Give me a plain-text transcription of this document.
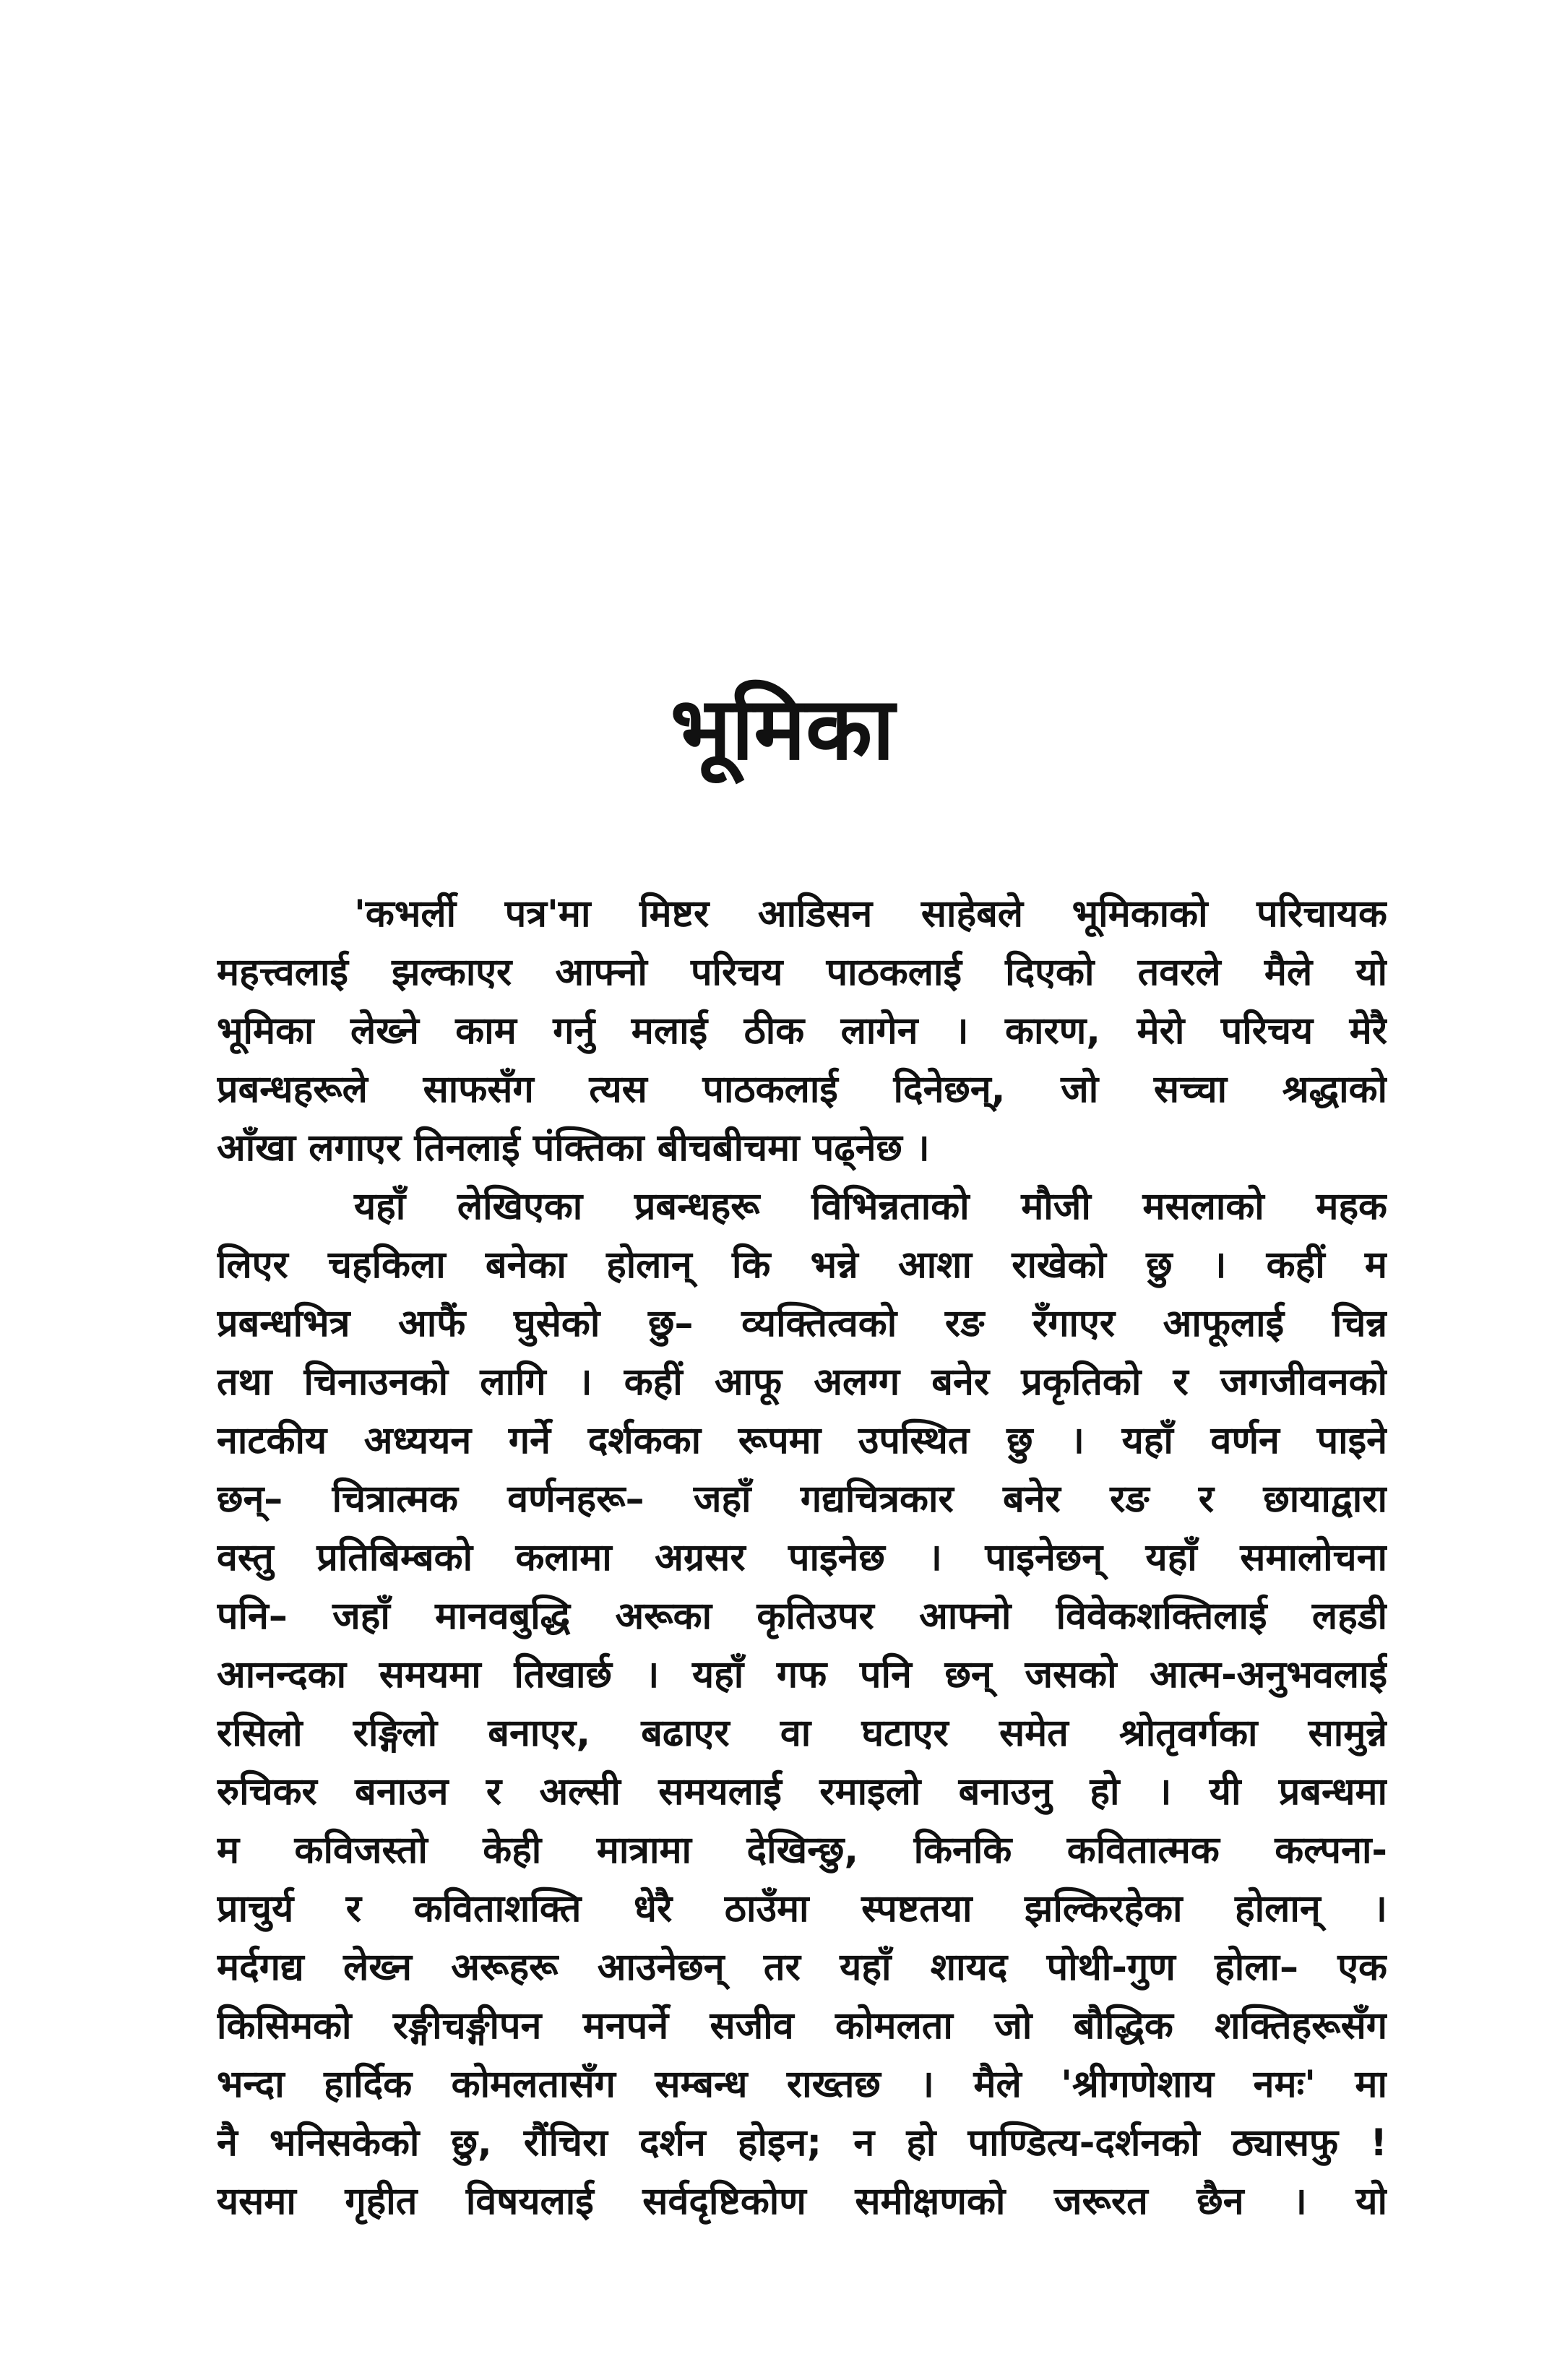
भूमिका
'कभर्ली पत्र'मा मिष्टर आडिसन साहेबले भूमिकाको परिचायक
महत्त्वलाई झल्काएर आफ्नो परिचय पाठकलाई दिएको तवरले मैले यो
भूमिका लेख्ने काम गर्नु मलाई ठीक लागेन । कारण, मेरो परिचय मेरै
प्रबन्धहरूले साफसँग त्यस पाठकलाई दिनेछन्, जो सच्चा श्रद्धाको
आँखा लगाएर तिनलाई पंक्तिका बीचबीचमा पढ्नेछ ।
यहाँ लेखिएका प्रबन्धहरू विभिन्नताको मौजी मसलाको महक
लिएर चहकिला बनेका होलान् कि भन्ने आशा राखेको छु । कहीं म
प्रबन्धभित्र आफैं घुसेको छु– व्यक्तित्वको रङ रँगाएर आफूलाई चिन्न
तथा चिनाउनको लागि । कहीं आफू अलग्ग बनेर प्रकृतिको र जगजीवनको
नाटकीय अध्ययन गर्ने दर्शकका रूपमा उपस्थित छु । यहाँ वर्णन पाइने
छन्– चित्रात्मक वर्णनहरू– जहाँ गद्यचित्रकार बनेर रङ र छायाद्वारा
वस्तु प्रतिबिम्बको कलामा अग्रसर पाइनेछ । पाइनेछन् यहाँ समालोचना
पनि– जहाँ मानवबुद्धि अरूका कृतिउपर आफ्नो विवेकशक्तिलाई लहडी
आनन्दका समयमा तिखार्छ । यहाँ गफ पनि छन् जसको आत्म-अनुभवलाई
रसिलो रङ्गिलो बनाएर, बढाएर वा घटाएर समेत श्रोतृवर्गका सामुन्ने
रुचिकर बनाउन र अल्सी समयलाई रमाइलो बनाउनु हो । यी प्रबन्धमा
म कविजस्तो केही मात्रामा देखिन्छु, किनकि कवितात्मक कल्पना-
प्राचुर्य र कविताशक्ति धेरै ठाउँमा स्पष्टतया झल्किरहेका होलान् ।
मर्दगद्य लेख्न अरूहरू आउनेछन् तर यहाँ शायद पोथी-गुण होला– एक
किसिमको रङ्गीचङ्गीपन मनपर्ने सजीव कोमलता जो बौद्धिक शक्तिहरूसँग
भन्दा हार्दिक कोमलतासँग सम्बन्ध राख्तछ । मैले 'श्रीगणेशाय नमः' मा
नै भनिसकेको छु, रौंचिरा दर्शन होइन; न हो पाण्डित्य-दर्शनको ठ्यासफु !
यसमा गृहीत विषयलाई सर्वदृष्टिकोण समीक्षणको जरूरत छैन । यो
